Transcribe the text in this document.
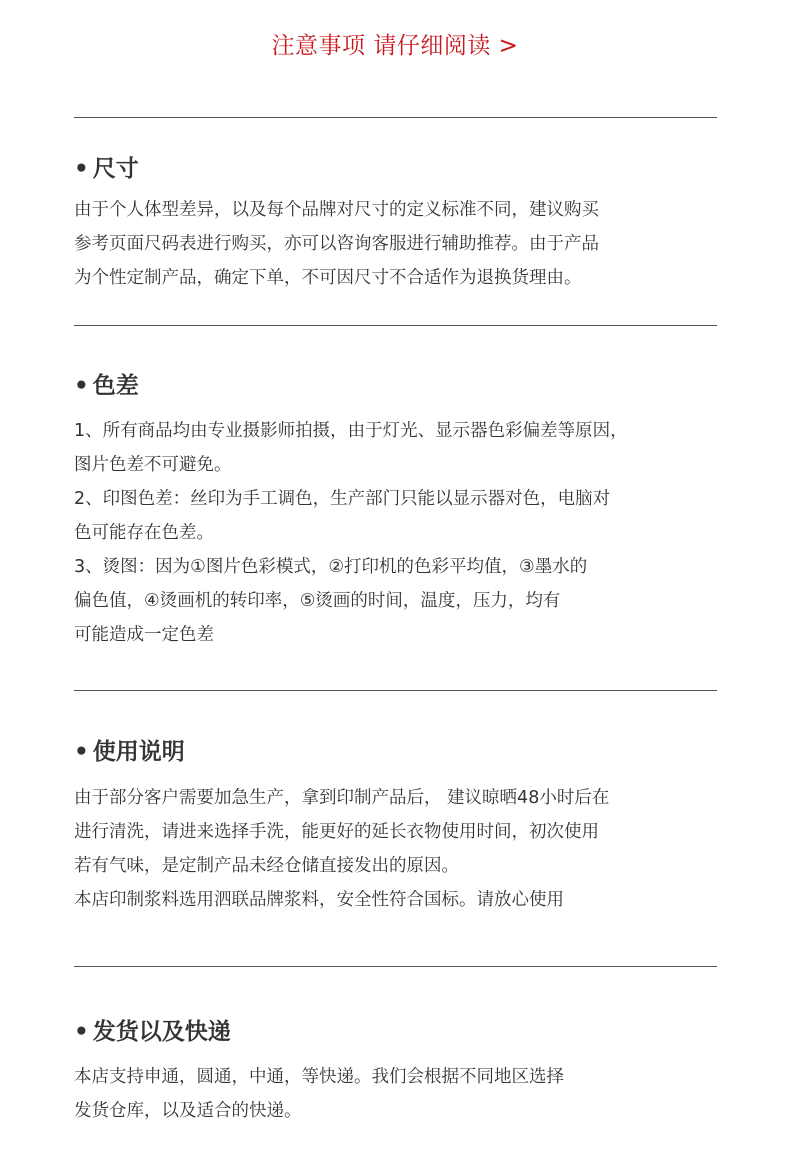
注意事项 请仔细阅读 >
• 尺寸
由于个人体型差异，以及每个品牌对尺寸的定义标准不同，建议购买
参考页面尺码表进行购买，亦可以咨询客服进行辅助推荐。由于产品
为个性定制产品，确定下单，不可因尺寸不合适作为退换货理由。
• 色差
1、所有商品均由专业摄影师拍摄，由于灯光、显示器色彩偏差等原因，
图片色差不可避免。
2、印图色差：丝印为手工调色，生产部门只能以显示器对色，电脑对
色可能存在色差。
3、烫图：因为①图片色彩模式，②打印机的色彩平均值，③墨水的
偏色值，④烫画机的转印率，⑤烫画的时间，温度，压力，均有
可能造成一定色差
• 使用说明
由于部分客户需要加急生产，拿到印制产品后， 建议晾晒48小时后在
进行清洗，请进来选择手洗，能更好的延长衣物使用时间，初次使用
若有气味，是定制产品未经仓储直接发出的原因。
本店印制浆料选用泗联品牌浆料，安全性符合国标。请放心使用
• 发货以及快递
本店支持申通，圆通，中通，等快递。我们会根据不同地区选择
发货仓库，以及适合的快递。
